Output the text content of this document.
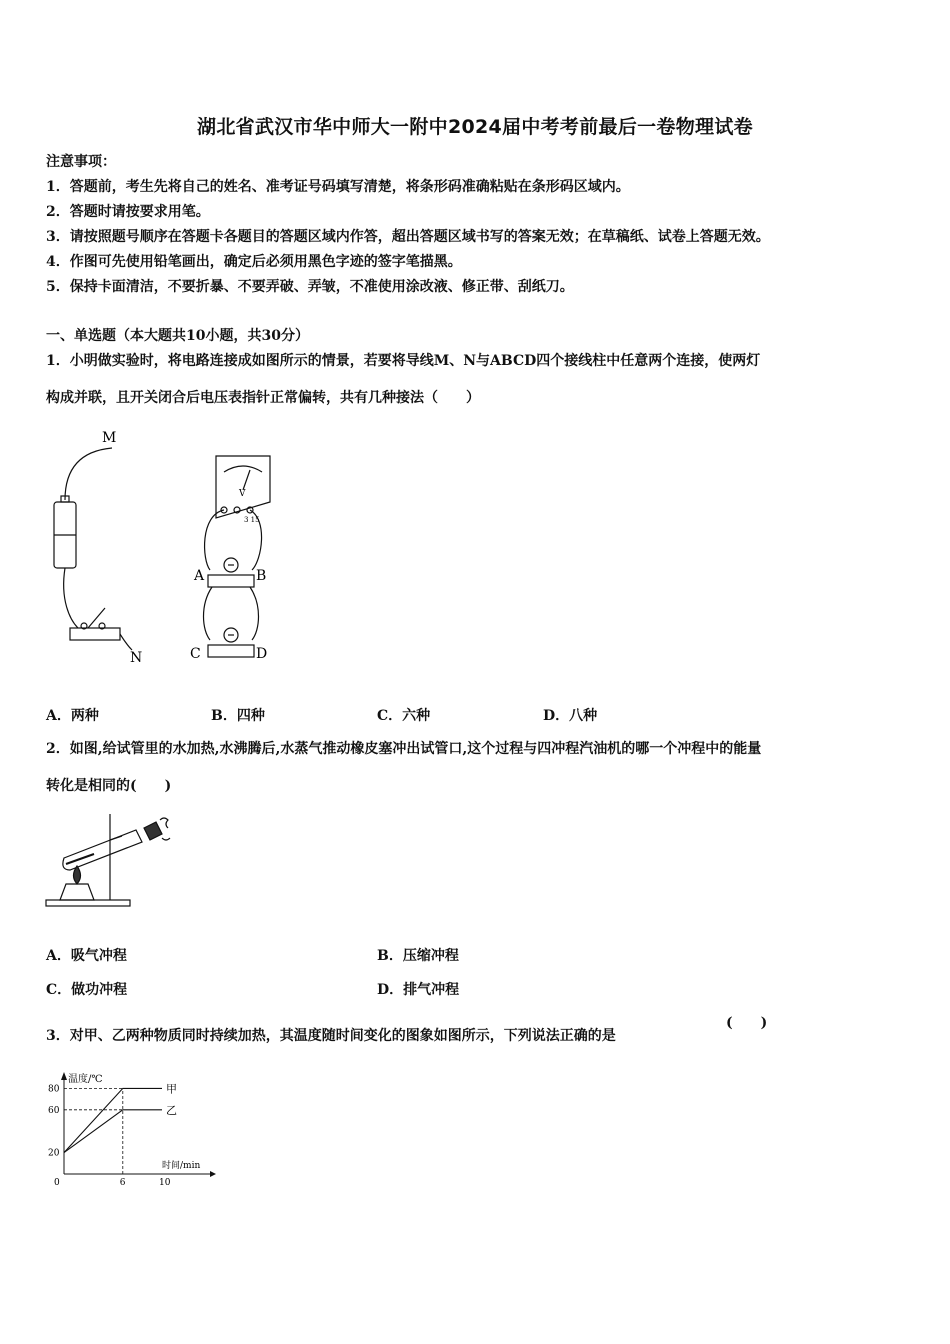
湖北省武汉市华中师大一附中2024届中考考前最后一卷物理试卷
注意事项：
1．答题前，考生先将自己的姓名、准考证号码填写清楚，将条形码准确粘贴在条形码区域内。
2．答题时请按要求用笔。
3．请按照题号顺序在答题卡各题目的答题区域内作答，超出答题区域书写的答案无效；在草稿纸、试卷上答题无效。
4．作图可先使用铅笔画出，确定后必须用黑色字迹的签字笔描黑。
5．保持卡面清洁，不要折暴、不要弄破、弄皱，不准使用涂改液、修正带、刮纸刀。
一、单选题（本大题共10小题，共30分）
1．小明做实验时，将电路连接成如图所示的情景，若要将导线M、N与ABCD四个接线柱中任意两个连接，使两灯
构成并联，且开关闭合后电压表指针正常偏转，共有几种接法（　　）
M
N
A	B
C	D
V
3 15
A．两种	B．四种	C．六种	D．八种
2．如图,给试管里的水加热,水沸腾后,水蒸气推动橡皮塞冲出试管口,这个过程与四冲程汽油机的哪一个冲程中的能量
转化是相同的(　　)
A．吸气冲程	B．压缩冲程
C．做功冲程	D．排气冲程
3．对甲、乙两种物质同时持续加热，其温度随时间变化的图象如图所示，下列说法正确的是
(　　)
甲
乙
20
60
80
0	6	10
温度/℃
时间/min
